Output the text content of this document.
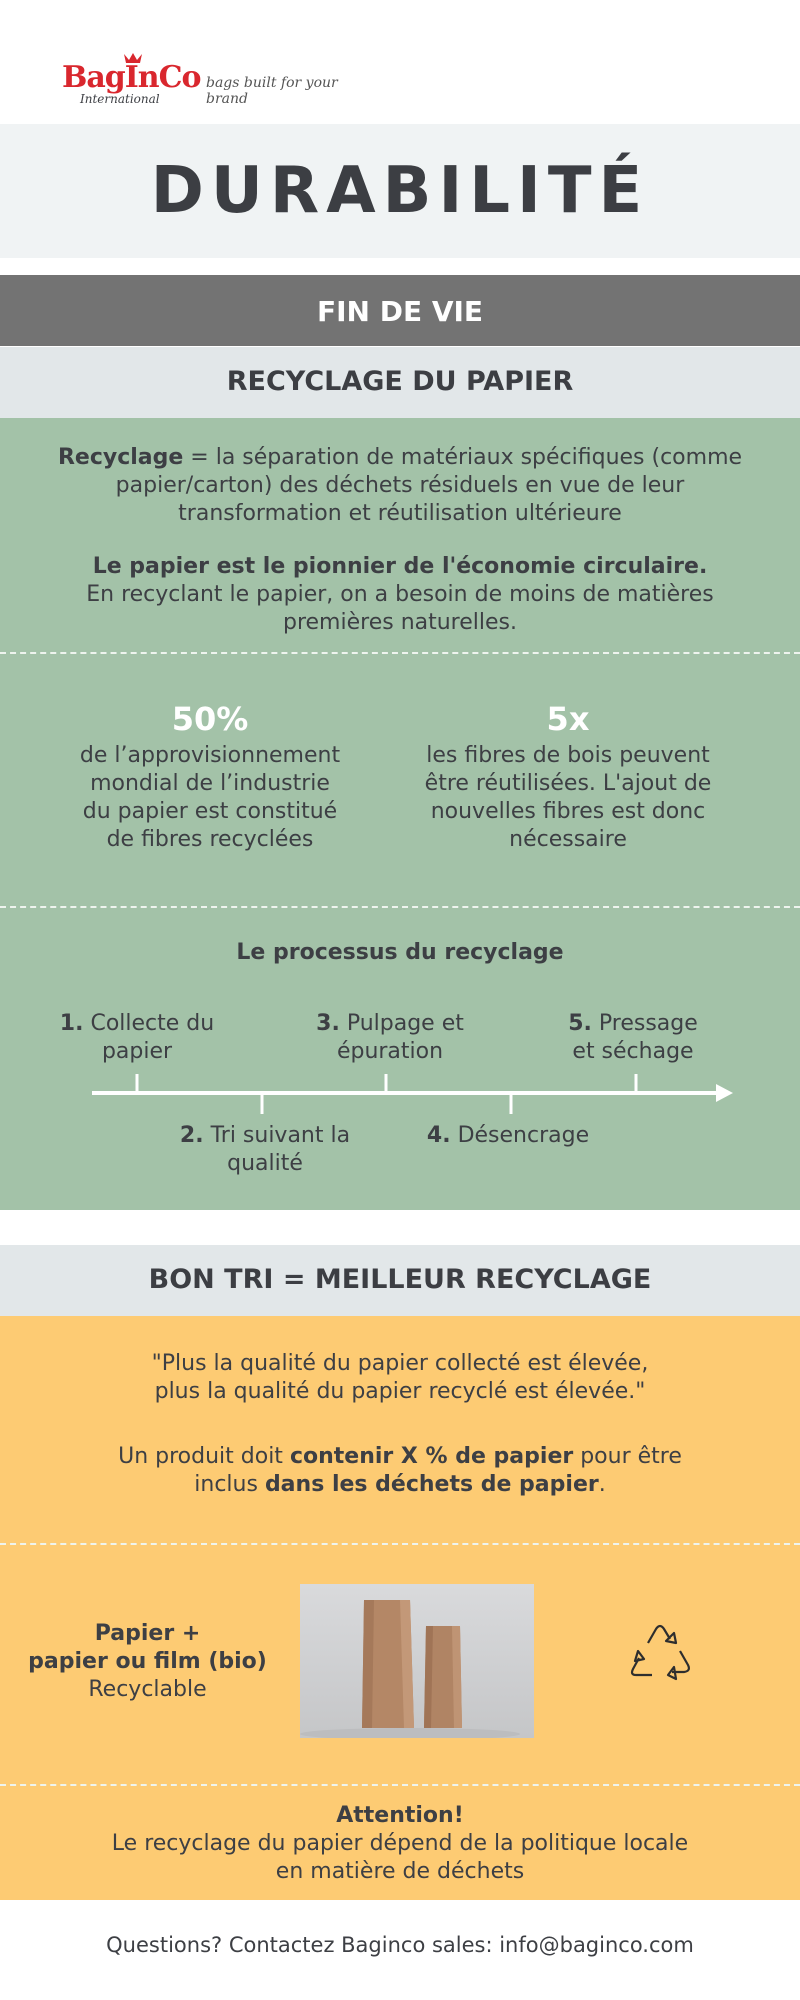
BagInCo
International
bags built for your brand
DURABILITÉ
FIN DE VIE
RECYCLAGE DU PAPIER
Recyclage = la séparation de matériaux spécifiques (comme
papier/carton) des déchets résiduels en vue de leur
transformation et réutilisation ultérieure
Le papier est le pionnier de l'économie circulaire.
En recyclant le papier, on a besoin de moins de matières
premières naturelles.
50%
de l’approvisionnement
mondial de l’industrie
du papier est constitué
de fibres recyclées
5x
les fibres de bois peuvent
être réutilisées. L'ajout de
nouvelles fibres est donc
nécessaire
Le processus du recyclage
1. Collecte du
papier
2. Tri suivant la
qualité
3. Pulpage et
épuration
4. Désencrage
5. Pressage
et séchage
BON TRI = MEILLEUR RECYCLAGE
"Plus la qualité du papier collecté est élevée,
plus la qualité du papier recyclé est élevée."
Un produit doit contenir X % de papier pour être
inclus dans les déchets de papier.
Papier +
papier ou film (bio)
Recyclable
Attention!
Le recyclage du papier dépend de la politique locale
en matière de déchets
Questions? Contactez Baginco sales: info@baginco.com
